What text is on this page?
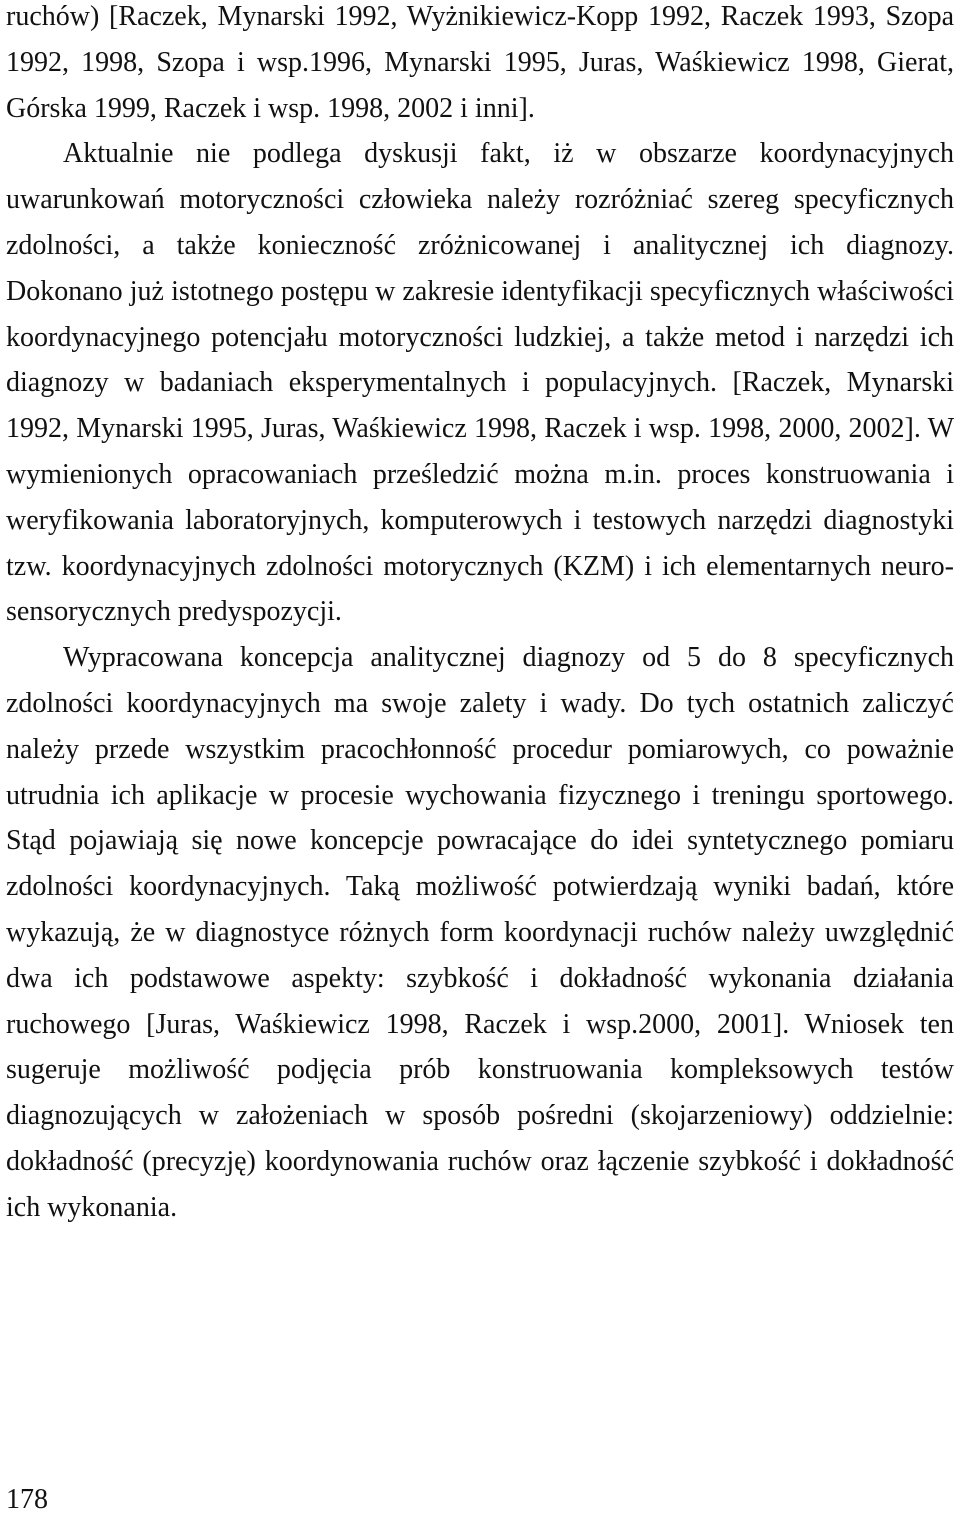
ruchów) [Raczek, Mynarski 1992, Wyżnikiewicz-Kopp 1992, Raczek 1993, Szopa 1992, 1998, Szopa i wsp.1996, Mynarski 1995, Juras, Waśkiewicz 1998, Gierat, Górska 1999, Raczek i wsp. 1998, 2002 i inni].

Aktualnie nie podlega dyskusji fakt, iż w obszarze koordynacyjnych uwarunkowań motoryczności człowieka należy rozróżniać szereg specyficznych zdolności, a także konieczność zróżnicowanej i analitycznej ich diagnozy. Dokonano już istotnego postępu w zakresie identyfikacji specyficznych właściwości koordynacyjnego potencjału motoryczności ludzkiej, a także metod i narzędzi ich diagnozy w badaniach eksperymentalnych i populacyjnych. [Raczek, Mynarski 1992, Mynarski 1995, Juras, Waśkiewicz 1998, Raczek i wsp. 1998, 2000, 2002]. W wymienionych opracowaniach prześledzić można m.in. proces konstruowania i weryfikowania laboratoryjnych, komputerowych i testowych narzędzi diagnostyki tzw. koordynacyjnych zdolności motorycznych (KZM) i ich elementarnych neuro-sensorycznych predyspozycji.

Wypracowana koncepcja analitycznej diagnozy od 5 do 8 specyficznych zdolności koordynacyjnych ma swoje zalety i wady. Do tych ostatnich zaliczyć należy przede wszystkim pracochłonność procedur pomiarowych, co poważnie utrudnia ich aplikacje w procesie wychowania fizycznego i treningu sportowego. Stąd pojawiają się nowe koncepcje powracające do idei syntetycznego pomiaru zdolności koordynacyjnych. Taką możliwość potwierdzają wyniki badań, które wykazują, że w diagnostyce różnych form koordynacji ruchów należy uwzględnić dwa ich podstawowe aspekty: szybkość i dokładność wykonania działania ruchowego [Juras, Waśkiewicz 1998, Raczek i wsp.2000, 2001]. Wniosek ten sugeruje możliwość podjęcia prób konstruowania kompleksowych testów diagnozujących w założeniach w sposób pośredni (skojarzeniowy) oddzielnie: dokładność (precyzję) koordynowania ruchów oraz łączenie szybkość i dokładność ich wykonania.

178
